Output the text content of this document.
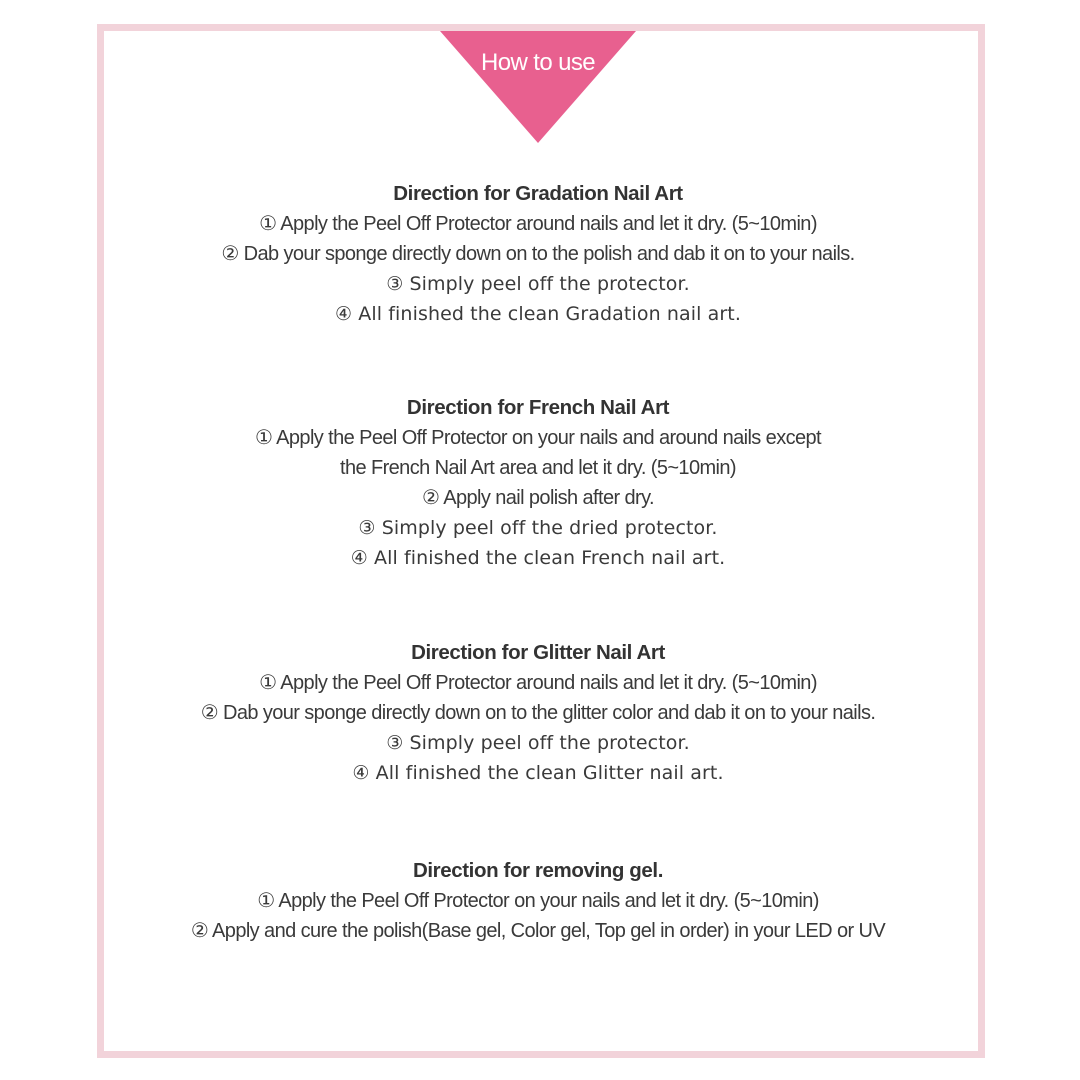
How to use
Direction for Gradation Nail Art
① Apply the Peel Off Protector around nails and let it dry. (5~10min)
② Dab your sponge directly down on to the polish and dab it on to your nails.
③ Simply peel off the protector.
④ All finished the clean Gradation nail art.
Direction for French Nail Art
① Apply the Peel Off Protector on your nails and around nails except
the French Nail Art area and let it dry. (5~10min)
② Apply nail polish after dry.
③ Simply peel off the dried protector.
④ All finished the clean French nail art.
Direction for Glitter Nail Art
① Apply the Peel Off Protector around nails and let it dry. (5~10min)
② Dab your sponge directly down on to the glitter color and dab it on to your nails.
③ Simply peel off the protector.
④ All finished the clean Glitter nail art.
Direction for removing gel.
① Apply the Peel Off Protector on your nails and let it dry. (5~10min)
② Apply and cure the polish(Base gel, Color gel, Top gel in order) in your LED or UV
